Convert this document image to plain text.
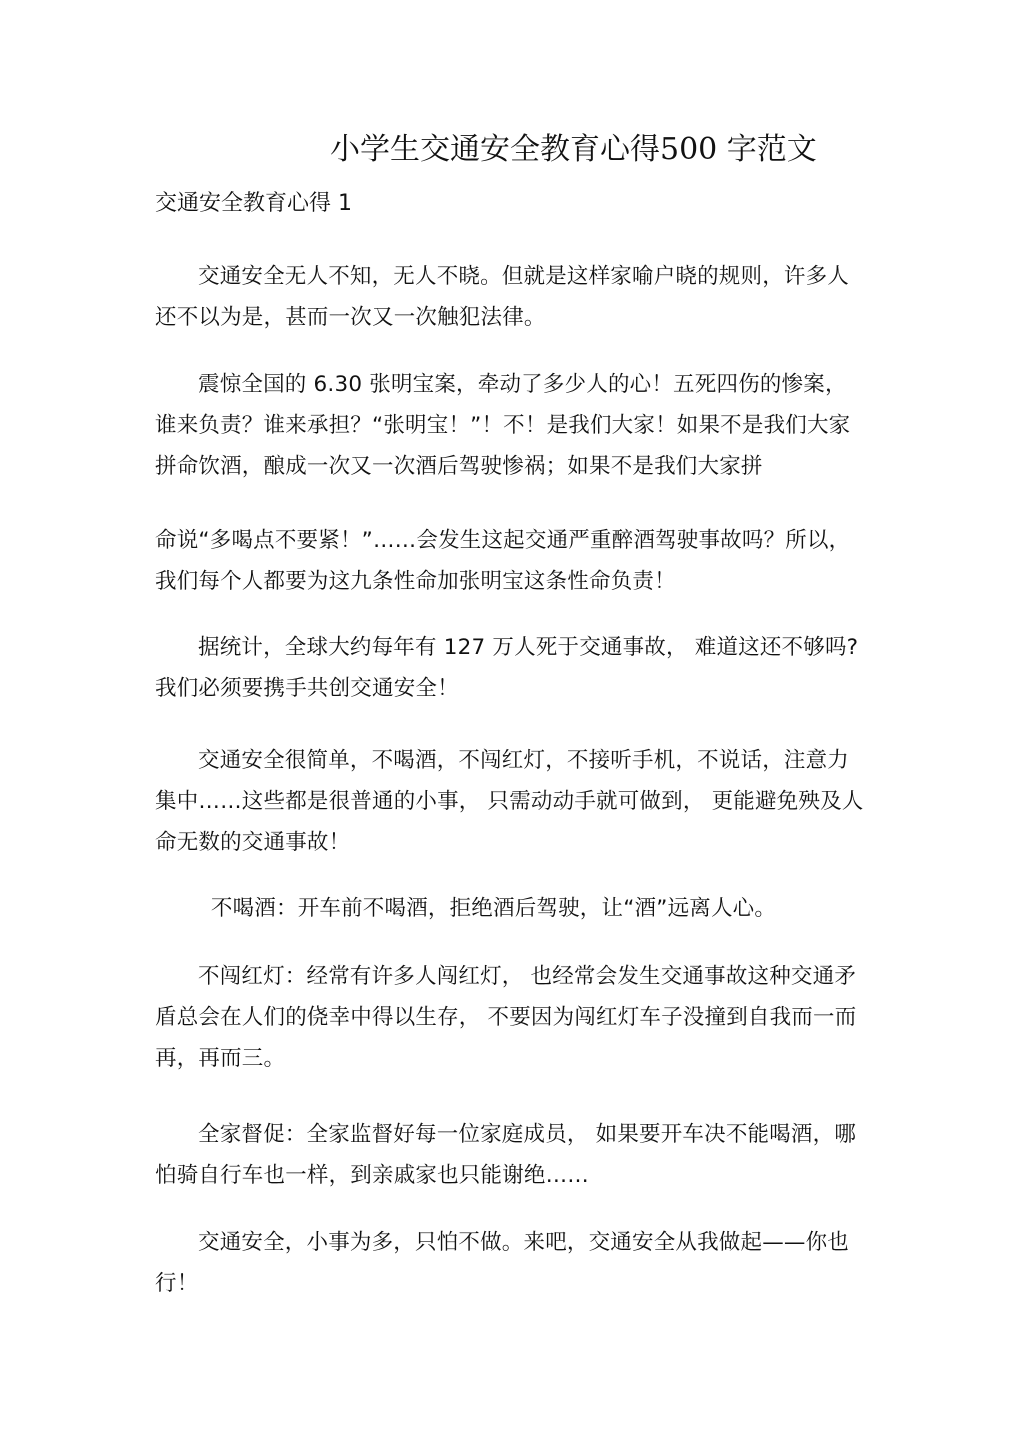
小学生交通安全教育心得500 字范文
交通安全教育心得 1

交通安全无人不知，无人不晓。但就是这样家喻户晓的规则，许多人还不以为是，甚而一次又一次触犯法律。

震惊全国的 6.30 张明宝案，牵动了多少人的心！五死四伤的惨案，谁来负责？谁来承担？“张明宝！”！不！是我们大家！如果不是我们大家拼命饮酒，酿成一次又一次酒后驾驶惨祸；如果不是我们大家拼

命说“多喝点不要紧！”……会发生这起交通严重醉酒驾驶事故吗？所以，我们每个人都要为这九条性命加张明宝这条性命负责！

据统计，全球大约每年有 127 万人死于交通事故， 难道这还不够吗?我们必须要携手共创交通安全！

交通安全很简单，不喝酒，不闯红灯，不接听手机，不说话，注意力集中……这些都是很普通的小事， 只需动动手就可做到， 更能避免殃及人命无数的交通事故！

不喝酒：开车前不喝酒，拒绝酒后驾驶，让“酒”远离人心。

不闯红灯：经常有许多人闯红灯， 也经常会发生交通事故这种交通矛盾总会在人们的侥幸中得以生存， 不要因为闯红灯车子没撞到自我而一而再，再而三。

全家督促：全家监督好每一位家庭成员， 如果要开车决不能喝酒，哪怕骑自行车也一样，到亲戚家也只能谢绝……

交通安全，小事为多，只怕不做。来吧，交通安全从我做起——你也行！
